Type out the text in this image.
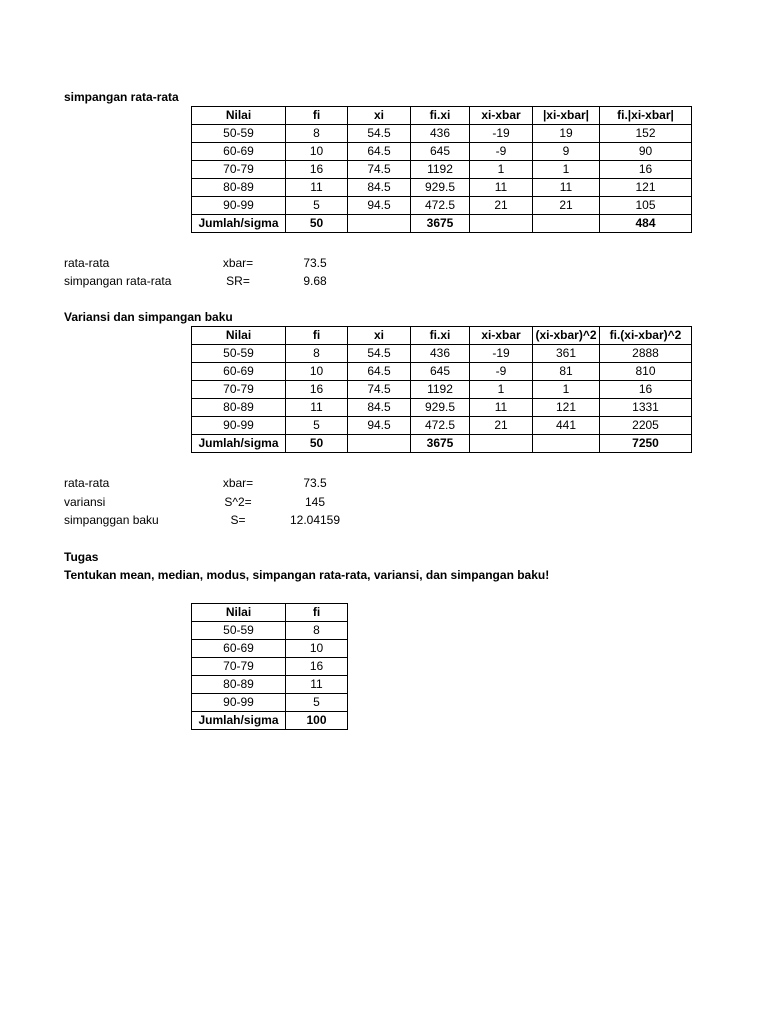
simpangan rata-rata
Nilai	fi	xi	fi.xi	xi-xbar	|xi-xbar|	fi.|xi-xbar|
50-59	8	54.5	436	-19	19	152
60-69	10	64.5	645	-9	9	90
70-79	16	74.5	1192	1	1	16
80-89	11	84.5	929.5	11	11	121
90-99	5	94.5	472.5	21	21	105
Jumlah/sigma	50		3675			484
rata-rata	xbar=	73.5
simpangan rata-rata	SR=	9.68
Variansi dan simpangan baku
Nilai	fi	xi	fi.xi	xi-xbar	(xi-xbar)^2	fi.(xi-xbar)^2
50-59	8	54.5	436	-19	361	2888
60-69	10	64.5	645	-9	81	810
70-79	16	74.5	1192	1	1	16
80-89	11	84.5	929.5	11	121	1331
90-99	5	94.5	472.5	21	441	2205
Jumlah/sigma	50		3675			7250
rata-rata	xbar=	73.5
variansi	S^2=	145
simpanggan baku	S=	12.04159
Tugas
Tentukan mean, median, modus, simpangan rata-rata, variansi, dan simpangan baku!
Nilai	fi
50-59	8
60-69	10
70-79	16
80-89	11
90-99	5
Jumlah/sigma	100
